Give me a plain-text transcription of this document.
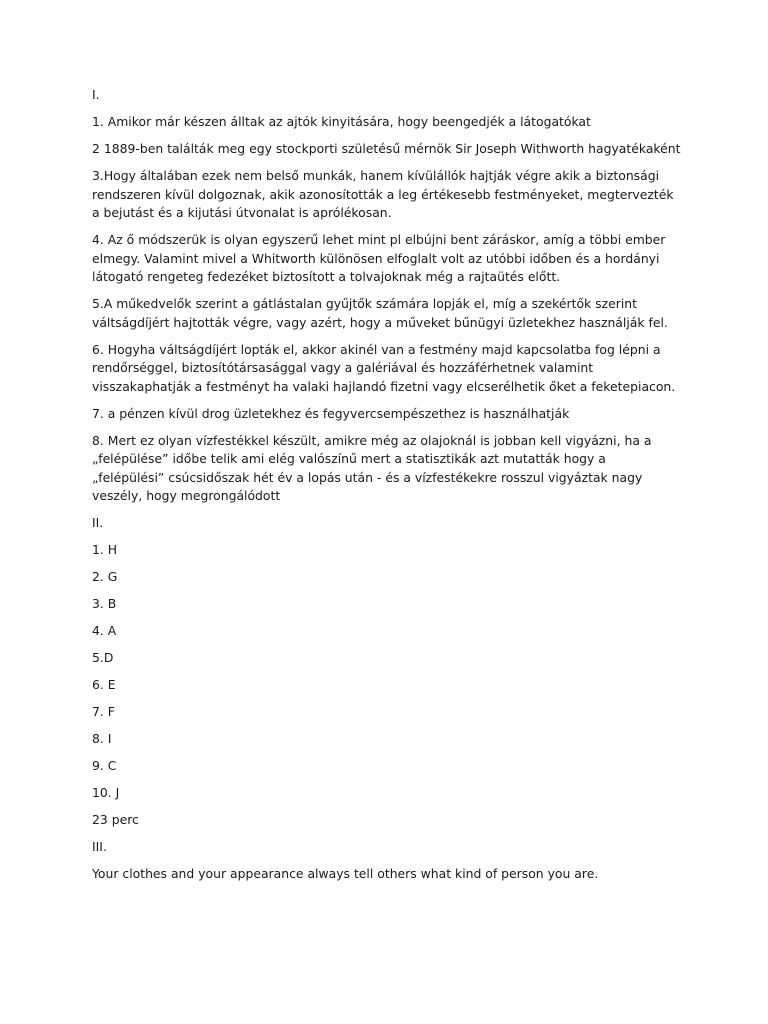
I.

1. Amikor már készen álltak az ajtók kinyitására, hogy beengedjék a látogatókat

2 1889-ben találták meg egy stockporti születésű mérnök Sir Joseph Withworth hagyatékaként

3.Hogy általában ezek nem belső munkák, hanem kívülállók hajtják végre akik a biztonsági rendszeren kívül dolgoznak, akik azonosították a leg értékesebb festményeket, megtervezték a bejutást és a kijutási útvonalat is aprólékosan.

4. Az ő módszerük is olyan egyszerű lehet mint pl elbújni bent záráskor, amíg a többi ember elmegy. Valamint mivel a Whitworth különösen elfoglalt volt az utóbbi időben és a hordányi látogató rengeteg fedezéket biztosított a tolvajoknak még a rajtaütés előtt.

5.A műkedvelők szerint a gátlástalan gyűjtők számára lopják el, míg a szekértők szerint váltságdíjért hajtották végre, vagy azért, hogy a műveket bűnügyi üzletekhez használják fel.

6. Hogyha váltságdíjért lopták el, akkor akinél van a festmény majd kapcsolatba fog lépni a rendőrséggel, biztosítótársasággal vagy a galériával és hozzáférhetnek valamint visszakaphatják a festményt ha valaki hajlandó fizetni vagy elcserélhetik őket a feketepiacon.

7. a pénzen kívül drog üzletekhez és fegyvercsempészethez is használhatják

8. Mert ez olyan vízfestékkel készült, amikre még az olajoknál is jobban kell vigyázni, ha a „felépülése” időbe telik ami elég valószínű mert a statisztikák azt mutatták hogy a „felépülési” csúcsidőszak hét év a lopás után - és a vízfestékekre rosszul vigyáztak nagy veszély, hogy megrongálódott

II.

1. H

2. G

3. B

4. A

5.D

6. E

7. F

8. I

9. C

10. J

23 perc

III.

Your clothes and your appearance always tell others what kind of person you are.
